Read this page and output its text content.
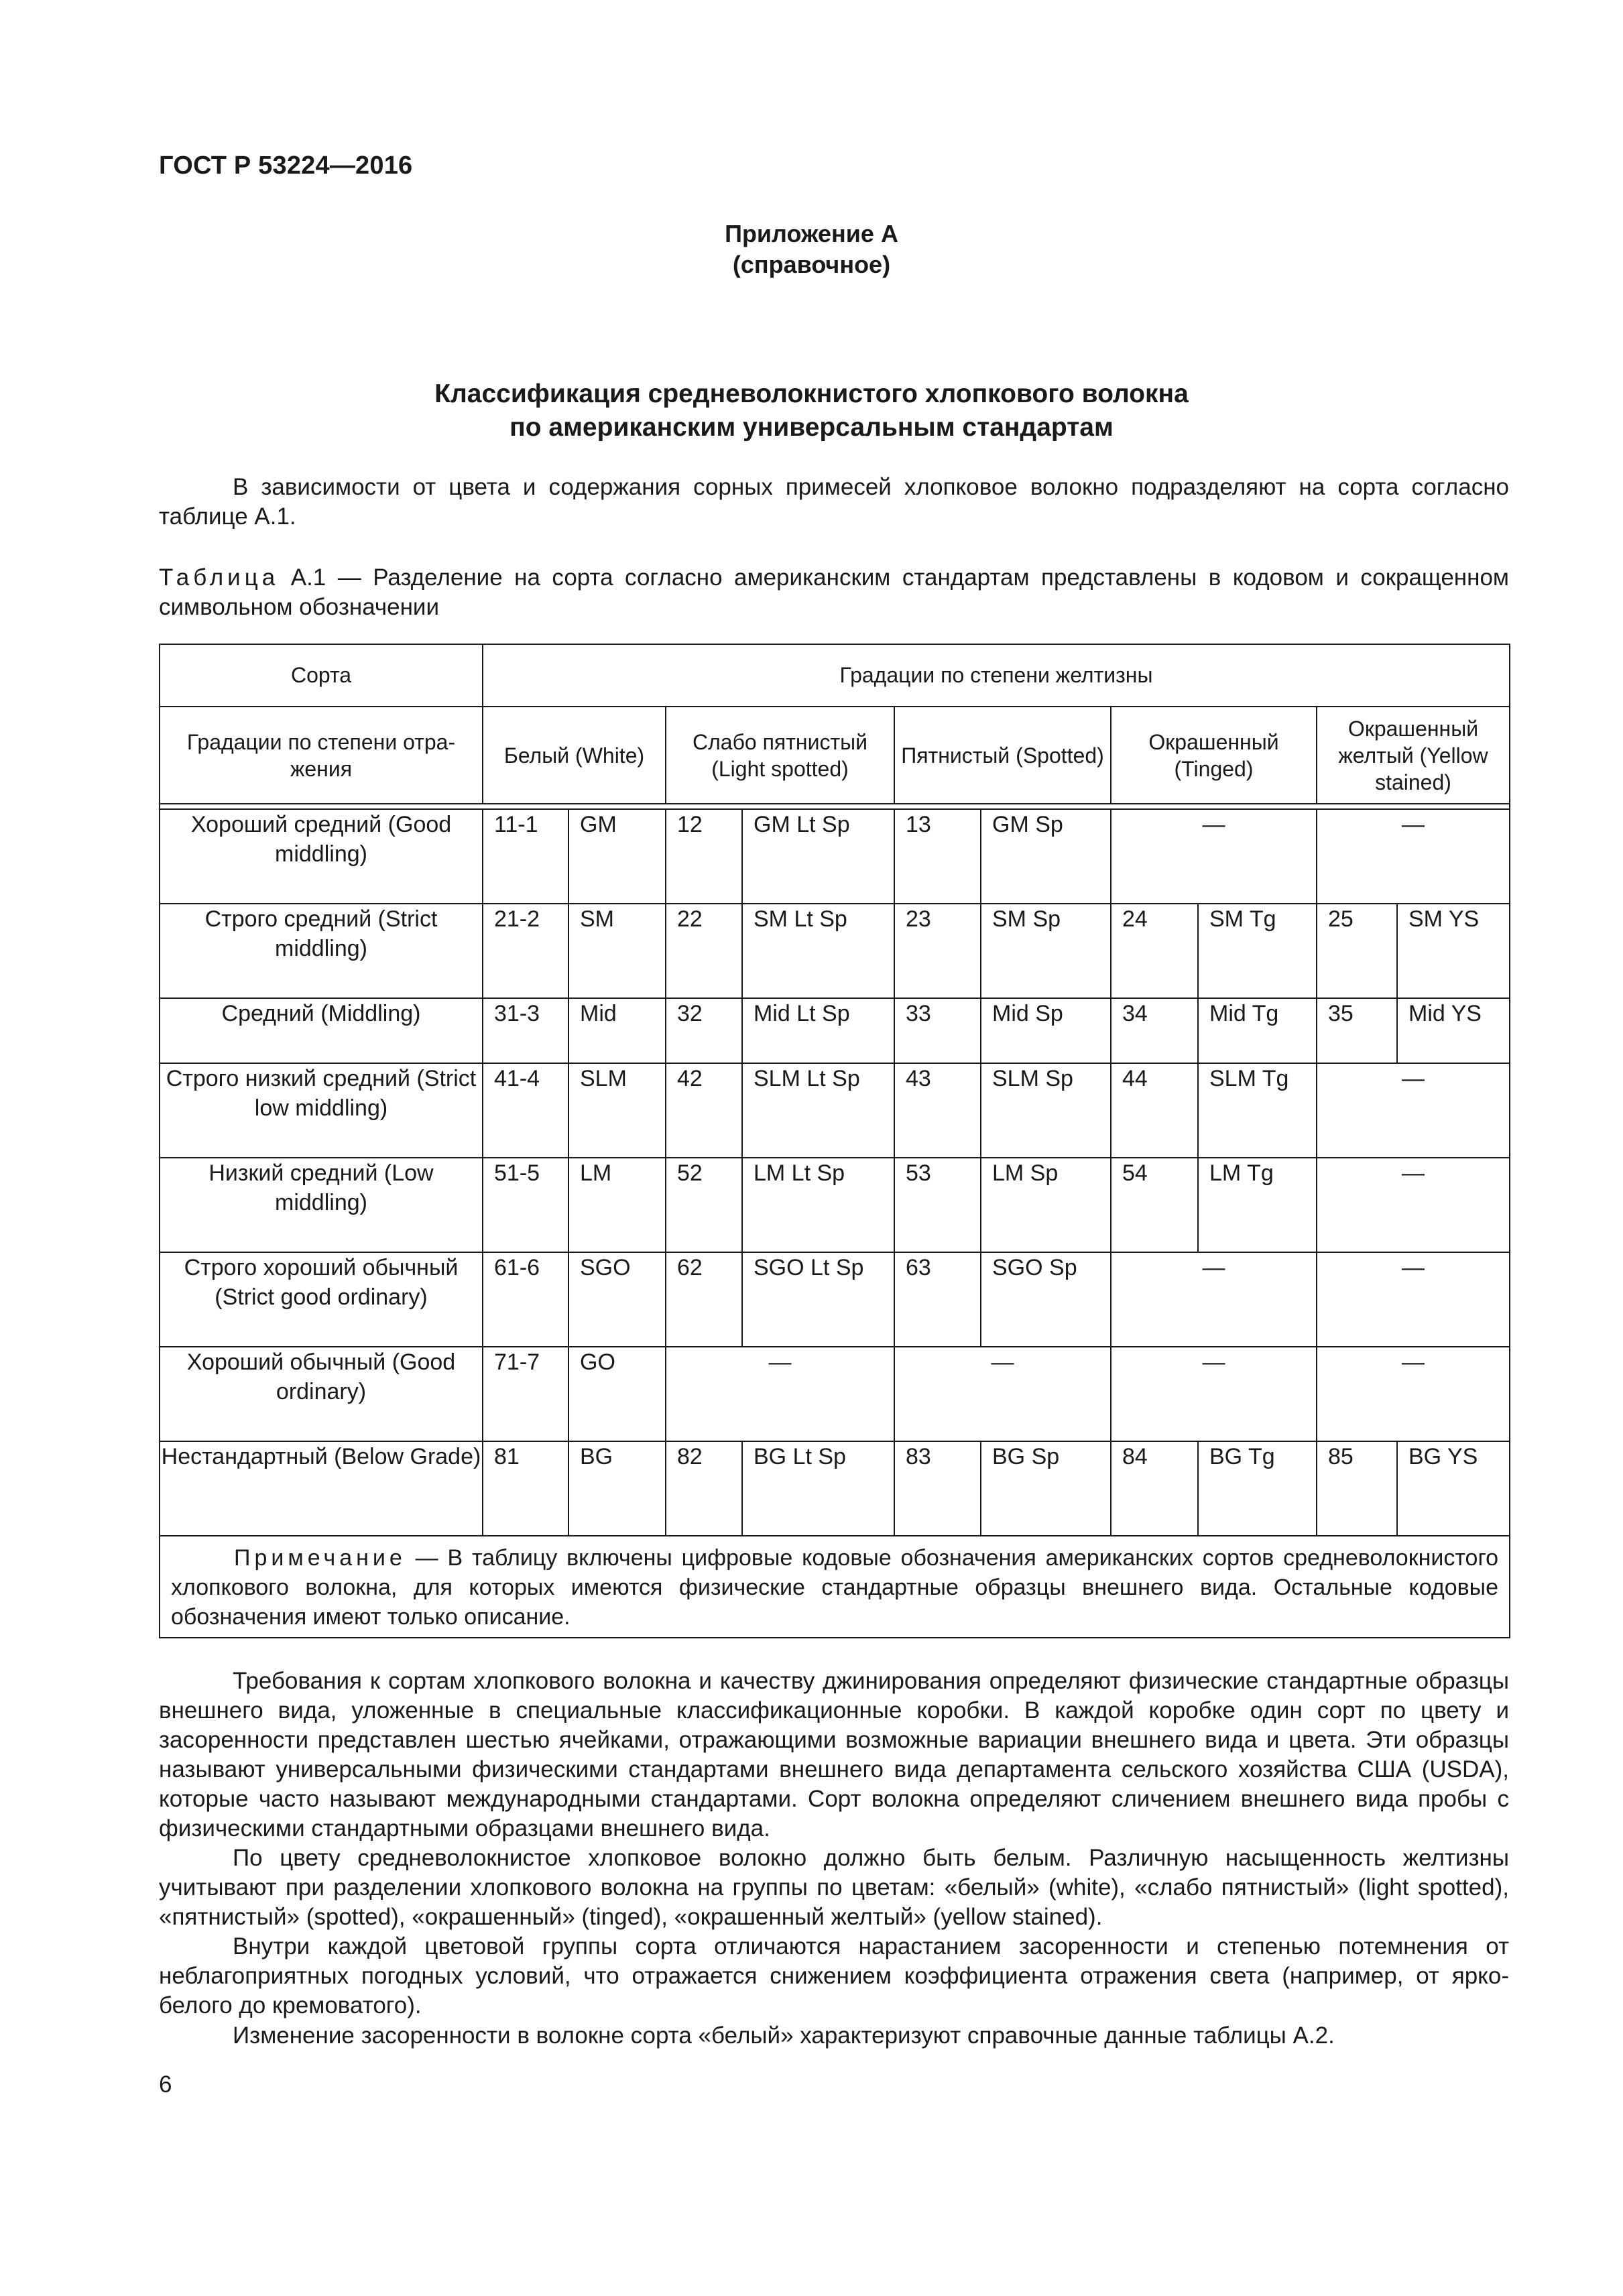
ГОСТ Р 53224—2016
Приложение А
(справочное)
Классификация средневолокнистого хлопкового волокна
по американским универсальным стандартам

В зависимости от цвета и содержания сорных примесей хлопковое волокно подразделяют на сорта согласно таблице А.1.

Таблица А.1 — Разделение на сорта согласно американским стандартам представлены в кодовом и сокращенном символьном обозначении

Сорта	Градации по степени желтизны									
Градации по степени отра-жения	Белый (White)		Слабо пятнистый (Light spotted)		Пятнистый (Spotted)		Окрашенный (Tinged)		Окрашенный желтый (Yellow stained)	

Хороший средний (Good middling)	11-1	GM	12	GM Lt Sp	13	GM Sp	—		—	
Строго средний (Strict middling)	21-2	SM	22	SM Lt Sp	23	SM Sp	24	SM Tg	25	SM YS
Средний (Middling)	31-3	Mid	32	Mid Lt Sp	33	Mid Sp	34	Mid Tg	35	Mid YS
Строго низкий средний (Strict low middling)	41-4	SLM	42	SLM Lt Sp	43	SLM Sp	44	SLM Tg	—	
Низкий средний (Low middling)	51-5	LM	52	LM Lt Sp	53	LM Sp	54	LM Tg	—	
Строго хороший обычный (Strict good ordinary)	61-6	SGO	62	SGO Lt Sp	63	SGO Sp	—		—	
Хороший обычный (Good ordinary)	71-7	GO	—		—		—		—	
Нестандартный (Below Grade)	81	BG	82	BG Lt Sp	83	BG Sp	84	BG Tg	85	BG YS
Примечание — В таблицу включены цифровые кодовые обозначения американских сортов средневолокнистого хлопкового волокна, для которых имеются физические стандартные образцы внешнего вида. Остальные кодовые обозначения имеют только описание.										

Требования к сортам хлопкового волокна и качеству джинирования определяют физические стандартные образцы внешнего вида, уложенные в специальные классификационные коробки. В каждой коробке один сорт по цвету и засоренности представлен шестью ячейками, отражающими возможные вариации внешнего вида и цвета. Эти образцы называют универсальными физическими стандартами внешнего вида департамента сельского хозяйства США (USDA), которые часто называют международными стандартами. Сорт волокна определяют сличением внешнего вида пробы с физическими стандартными образцами внешнего вида.

По цвету средневолокнистое хлопковое волокно должно быть белым. Различную насыщенность желтизны учитывают при разделении хлопкового волокна на группы по цветам: «белый» (white), «слабо пятнистый» (light spotted), «пятнистый» (spotted), «окрашенный» (tinged), «окрашенный желтый» (yellow stained).

Внутри каждой цветовой группы сорта отличаются нарастанием засоренности и степенью потемнения от неблагоприятных погодных условий, что отражается снижением коэффициента отражения света (например, от ярко-белого до кремоватого).

Изменение засоренности в волокне сорта «белый» характеризуют справочные данные таблицы А.2.

6
